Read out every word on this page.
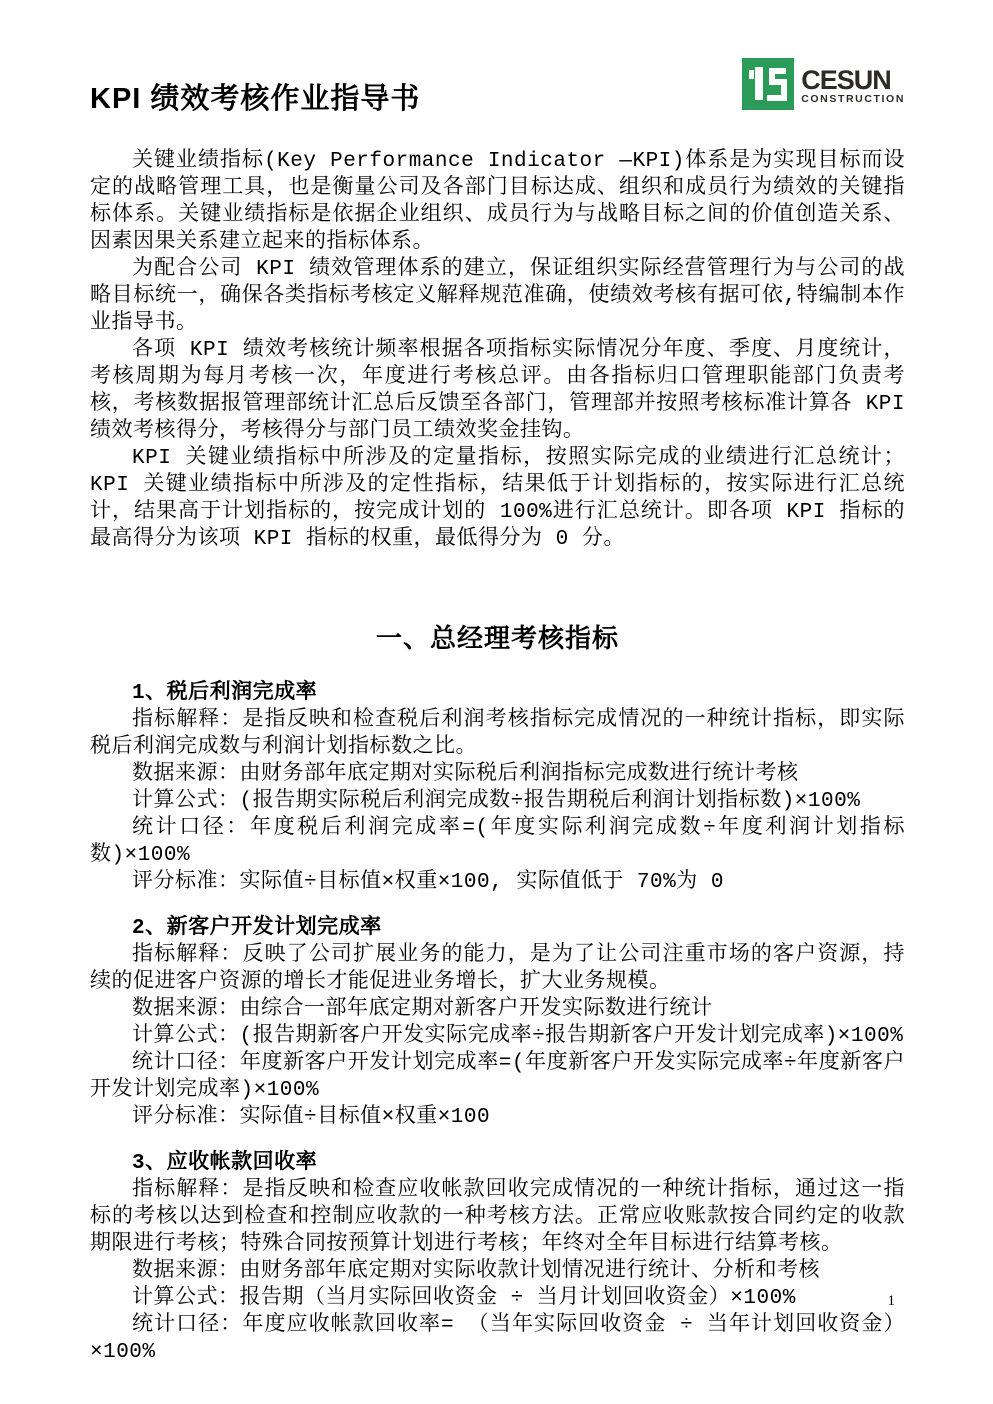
KPI 绩效考核作业指导书
CESUN
CONSTRUCTION

关键业绩指标(Key Performance Indicator —KPI)体系是为实现目标而设定的战略管理工具，也是衡量公司及各部门目标达成、组织和成员行为绩效的关键指标体系。关键业绩指标是依据企业组织、成员行为与战略目标之间的价值创造关系、因素因果关系建立起来的指标体系。

为配合公司 KPI 绩效管理体系的建立，保证组织实际经营管理行为与公司的战略目标统一，确保各类指标考核定义解释规范准确，使绩效考核有据可依,特编制本作业指导书。

各项 KPI 绩效考核统计频率根据各项指标实际情况分年度、季度、月度统计，考核周期为每月考核一次，年度进行考核总评。由各指标归口管理职能部门负责考核，考核数据报管理部统计汇总后反馈至各部门，管理部并按照考核标准计算各 KPI 绩效考核得分，考核得分与部门员工绩效奖金挂钩。

KPI 关键业绩指标中所涉及的定量指标，按照实际完成的业绩进行汇总统计；KPI 关键业绩指标中所涉及的定性指标，结果低于计划指标的，按实际进行汇总统计，结果高于计划指标的，按完成计划的 100%进行汇总统计。即各项 KPI 指标的最高得分为该项 KPI 指标的权重，最低得分为 0 分。

一、总经理考核指标
1、税后利润完成率

指标解释：是指反映和检查税后利润考核指标完成情况的一种统计指标，即实际税后利润完成数与利润计划指标数之比。

数据来源：由财务部年底定期对实际税后利润指标完成数进行统计考核

计算公式：(报告期实际税后利润完成数÷报告期税后利润计划指标数)×100%

统计口径：年度税后利润完成率=(年度实际利润完成数÷年度利润计划指标数)×100%

评分标准：实际值÷目标值×权重×100, 实际值低于 70%为 0

2、新客户开发计划完成率

指标解释：反映了公司扩展业务的能力，是为了让公司注重市场的客户资源，持续的促进客户资源的增长才能促进业务增长，扩大业务规模。

数据来源：由综合一部年底定期对新客户开发实际数进行统计

计算公式：(报告期新客户开发实际完成率÷报告期新客户开发计划完成率)×100%

统计口径：年度新客户开发计划完成率=(年度新客户开发实际完成率÷年度新客户开发计划完成率)×100%

评分标准：实际值÷目标值×权重×100

3、应收帐款回收率

指标解释：是指反映和检查应收帐款回收完成情况的一种统计指标，通过这一指标的考核以达到检查和控制应收款的一种考核方法。正常应收账款按合同约定的收款期限进行考核；特殊合同按预算计划进行考核；年终对全年目标进行结算考核。

数据来源：由财务部年底定期对实际收款计划情况进行统计、分析和考核

计算公式：报告期（当月实际回收资金 ÷ 当月计划回收资金）×100%

统计口径：年度应收帐款回收率= （当年实际回收资金 ÷ 当年计划回收资金）×100%

1
